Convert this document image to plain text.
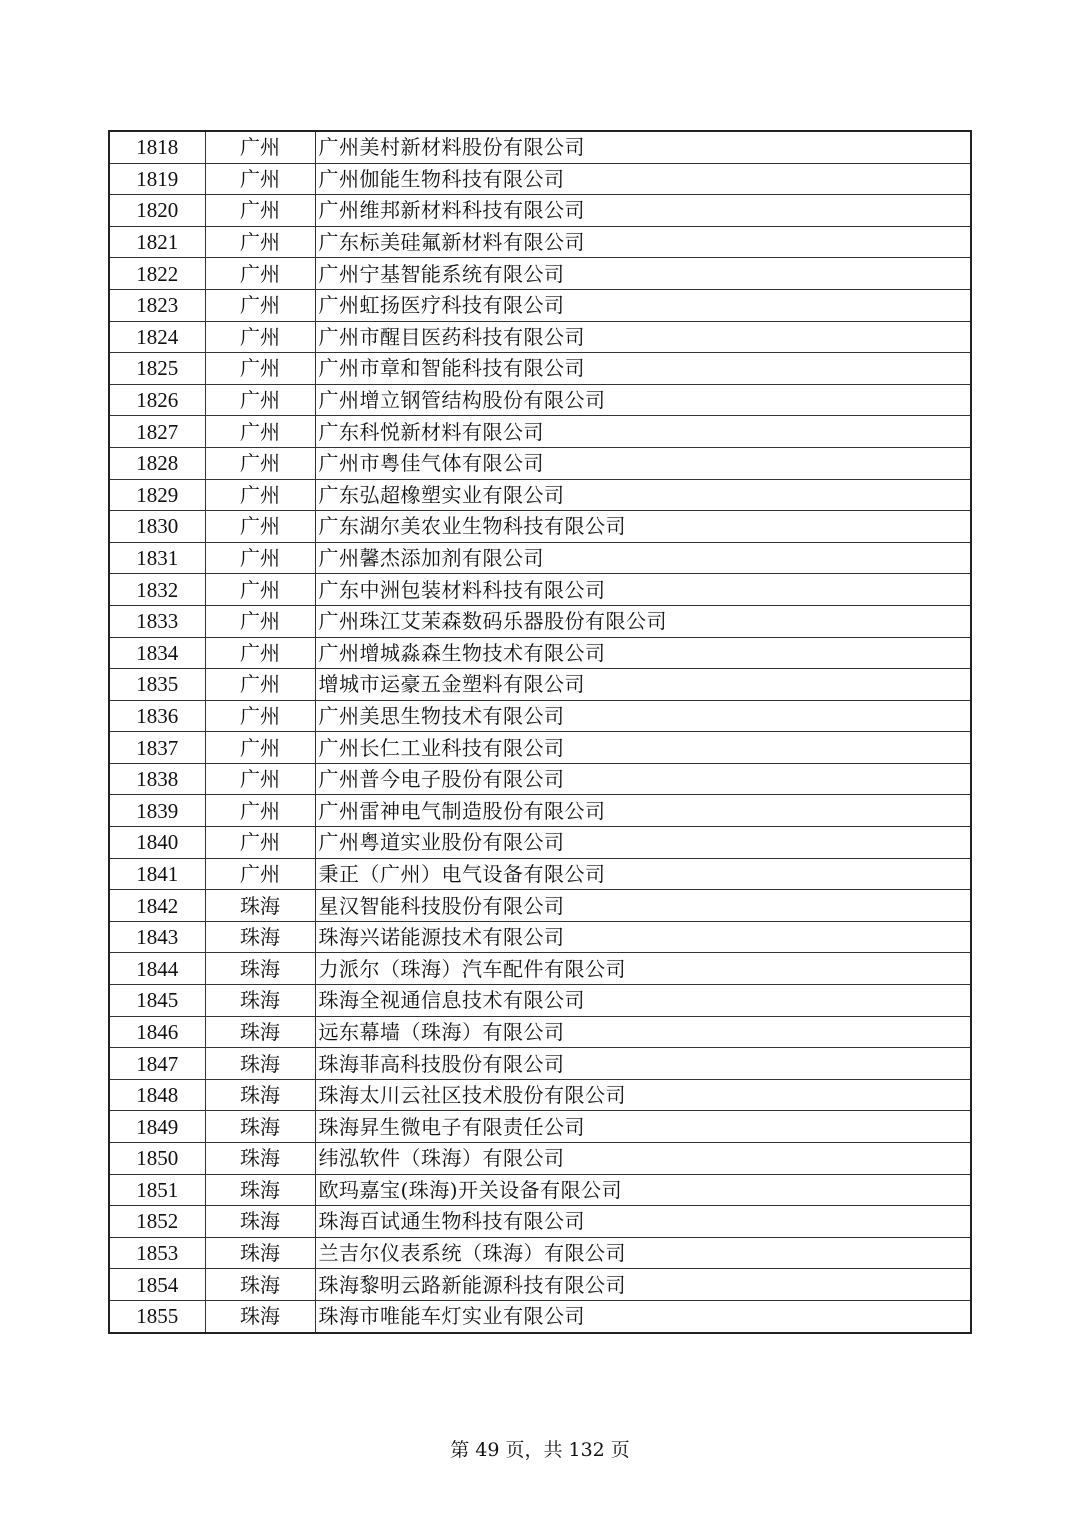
1818	广州	广州美村新材料股份有限公司
1819	广州	广州伽能生物科技有限公司
1820	广州	广州维邦新材料科技有限公司
1821	广州	广东标美硅氟新材料有限公司
1822	广州	广州宁基智能系统有限公司
1823	广州	广州虹扬医疗科技有限公司
1824	广州	广州市醒目医药科技有限公司
1825	广州	广州市章和智能科技有限公司
1826	广州	广州增立钢管结构股份有限公司
1827	广州	广东科悦新材料有限公司
1828	广州	广州市粤佳气体有限公司
1829	广州	广东弘超橡塑实业有限公司
1830	广州	广东湖尔美农业生物科技有限公司
1831	广州	广州馨杰添加剂有限公司
1832	广州	广东中洲包装材料科技有限公司
1833	广州	广州珠江艾茉森数码乐器股份有限公司
1834	广州	广州增城淼森生物技术有限公司
1835	广州	增城市运豪五金塑料有限公司
1836	广州	广州美思生物技术有限公司
1837	广州	广州长仁工业科技有限公司
1838	广州	广州普今电子股份有限公司
1839	广州	广州雷神电气制造股份有限公司
1840	广州	广州粤道实业股份有限公司
1841	广州	秉正（广州）电气设备有限公司
1842	珠海	星汉智能科技股份有限公司
1843	珠海	珠海兴诺能源技术有限公司
1844	珠海	力派尔（珠海）汽车配件有限公司
1845	珠海	珠海全视通信息技术有限公司
1846	珠海	远东幕墙（珠海）有限公司
1847	珠海	珠海菲高科技股份有限公司
1848	珠海	珠海太川云社区技术股份有限公司
1849	珠海	珠海昇生微电子有限责任公司
1850	珠海	纬泓软件（珠海）有限公司
1851	珠海	欧玛嘉宝(珠海)开关设备有限公司
1852	珠海	珠海百试通生物科技有限公司
1853	珠海	兰吉尔仪表系统（珠海）有限公司
1854	珠海	珠海黎明云路新能源科技有限公司
1855	珠海	珠海市唯能车灯实业有限公司
第 49 页，共 132 页
